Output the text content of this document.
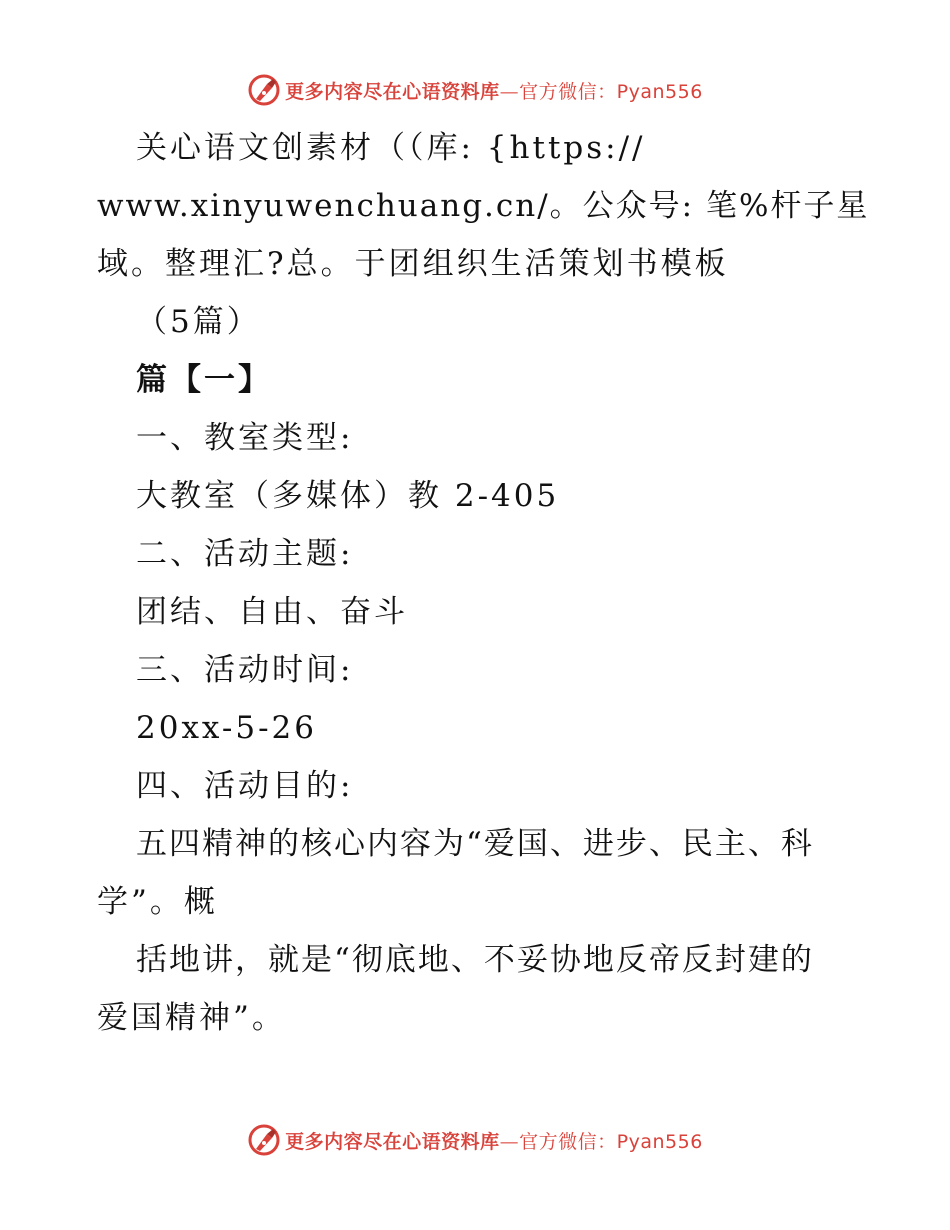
更多内容尽在心语资料库—官方微信：Pyan556
关心语文创素材（（库: {https://
www.xinyuwenchuang.cn/。公众号: 笔%杆子星
域。整理汇?总。于团组织生活策划书模板
（5篇）
篇【一】
一、教室类型:
大教室（多媒体）教 2-405
二、活动主题:
团结、自由、奋斗
三、活动时间:
20xx-5-26
四、活动目的:
五四精神的核心内容为“爱国、进步、民主、科
学”。概
括地讲，就是“彻底地、不妥协地反帝反封建的
爱国精神”。
更多内容尽在心语资料库—官方微信：Pyan556
